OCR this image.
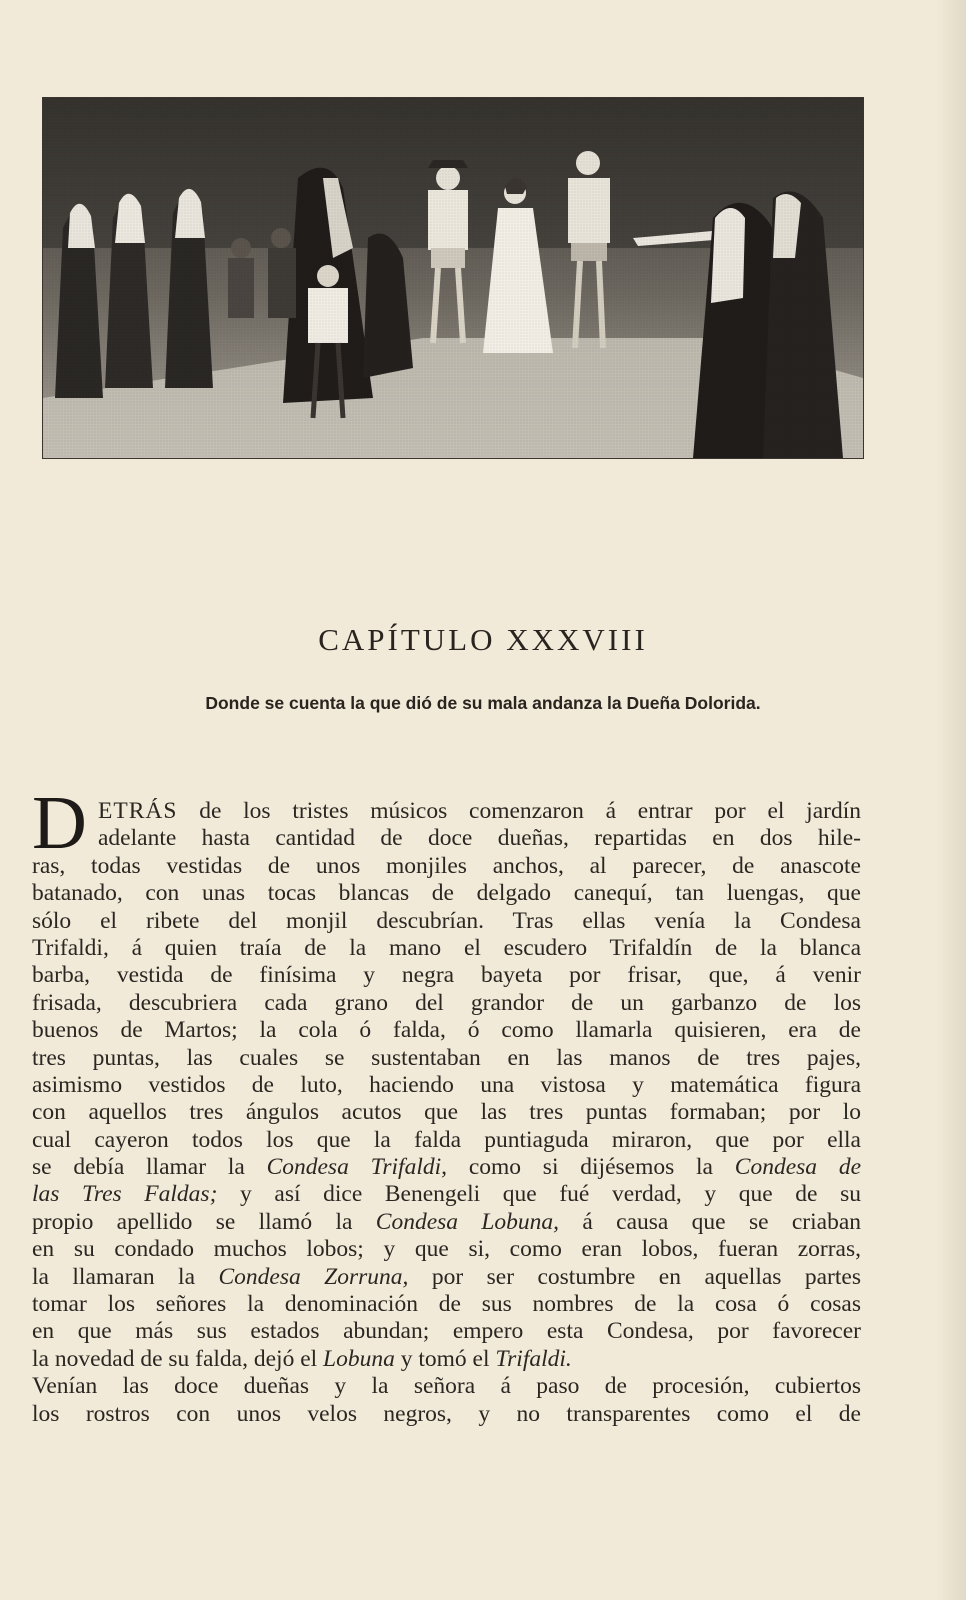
CAPÍTULO XXXVIII
Donde se cuenta la que dió de su mala andanza la Dueña Dolorida.
D ETRÁS de los tristes músicos comenzaron á entrar por el jardín
adelante hasta cantidad de doce dueñas, repartidas en dos hile-
ras, todas vestidas de unos monjiles anchos, al parecer, de anascote
batanado, con unas tocas blancas de delgado canequí, tan luengas, que
sólo el ribete del monjil descubrían. Tras ellas venía la Condesa
Trifaldi, á quien traía de la mano el escudero Trifaldín de la blanca
barba, vestida de finísima y negra bayeta por frisar, que, á venir
frisada, descubriera cada grano del grandor de un garbanzo de los
buenos de Martos; la cola ó falda, ó como llamarla quisieren, era de
tres puntas, las cuales se sustentaban en las manos de tres pajes,
asimismo vestidos de luto, haciendo una vistosa y matemática figura
con aquellos tres ángulos acutos que las tres puntas formaban; por lo
cual cayeron todos los que la falda puntiaguda miraron, que por ella
se debía llamar la Condesa Trifaldi, como si dijésemos la Condesa de
las Tres Faldas; y así dice Benengeli que fué verdad, y que de su
propio apellido se llamó la Condesa Lobuna, á causa que se criaban
en su condado muchos lobos; y que si, como eran lobos, fueran zorras,
la llamaran la Condesa Zorruna, por ser costumbre en aquellas partes
tomar los señores la denominación de sus nombres de la cosa ó cosas
en que más sus estados abundan; empero esta Condesa, por favorecer
la novedad de su falda, dejó el Lobuna y tomó el Trifaldi.
Venían las doce dueñas y la señora á paso de procesión, cubiertos
los rostros con unos velos negros, y no transparentes como el de
